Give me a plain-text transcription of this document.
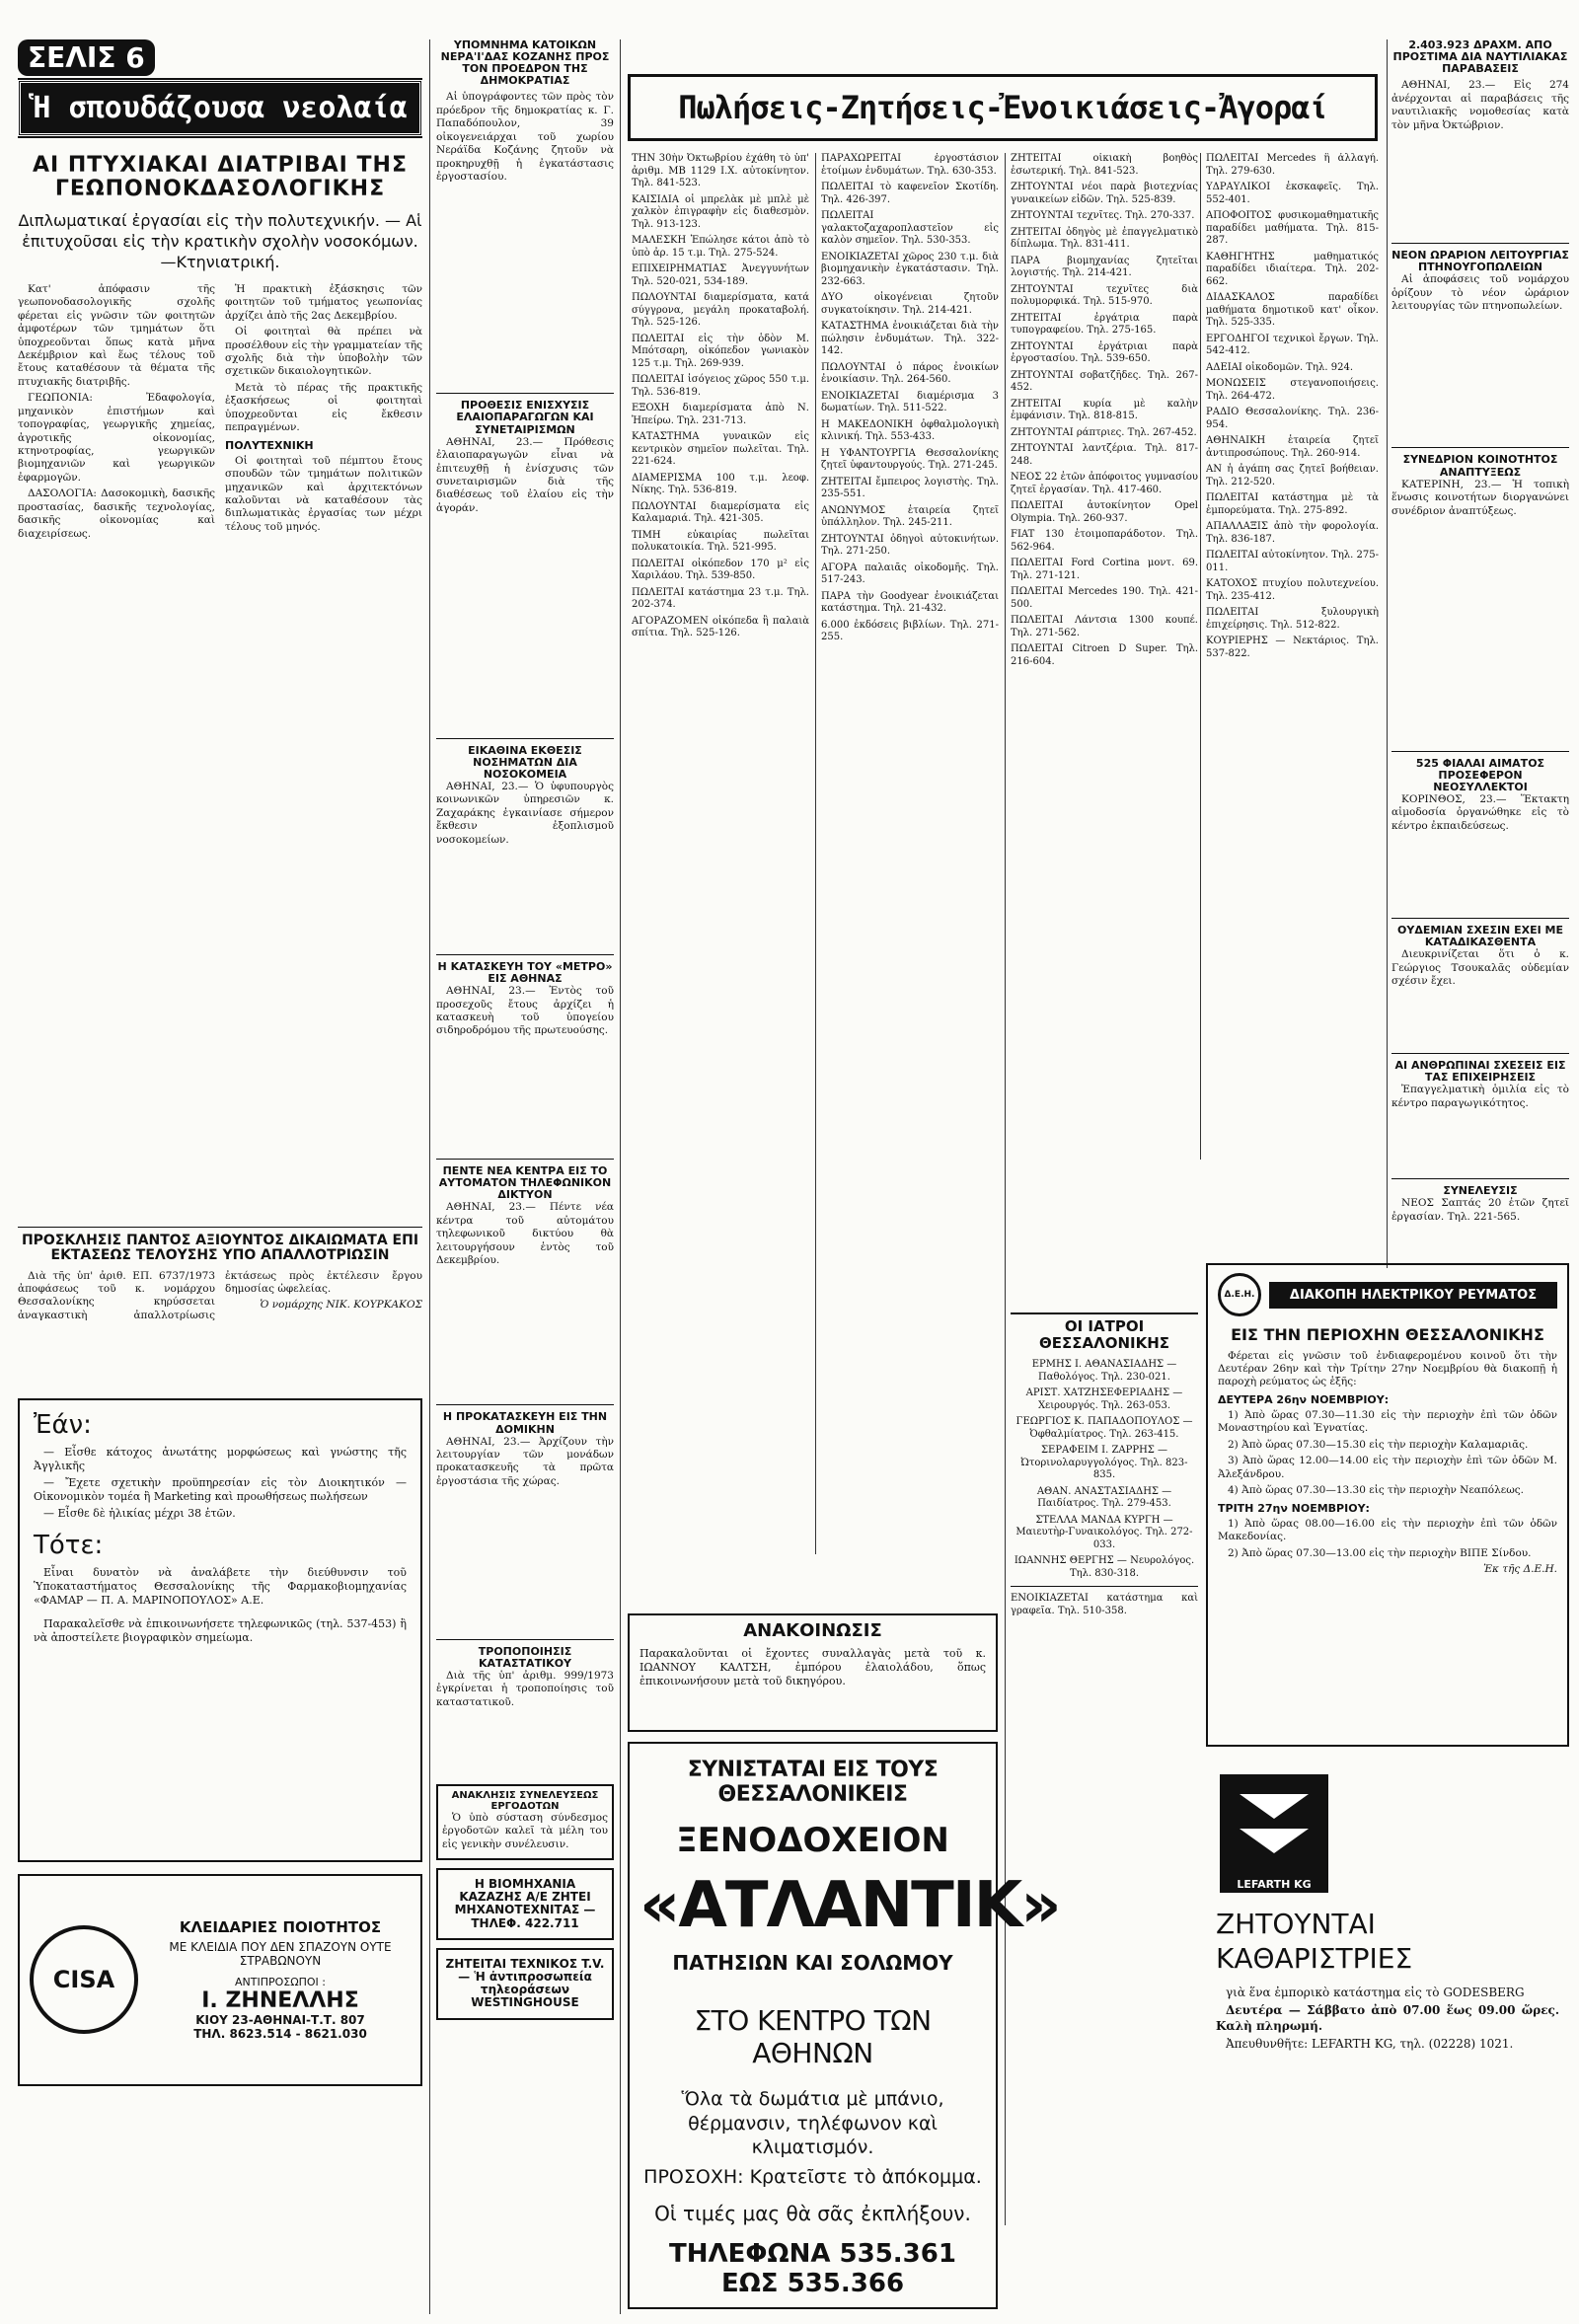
ΣΕΛΙΣ 6
Ἡ σπουδάζουσα νεολαία
ΑΙ ΠΤΥΧΙΑΚΑΙ ΔΙΑΤΡΙΒΑΙ ΤΗΣ ΓΕΩΠΟΝΟΚΔΑΣΟΛΟΓΙΚΗΣ
Διπλωματικαί ἐργασίαι εἰς τὴν πολυτεχνικήν. — Αἱ ἐπιτυχοῦσαι εἰς τὴν κρατικὴν σχολὴν νοσοκόμων. —Κτηνιατρική.

Κατ' ἀπόφασιν τῆς γεωπονοδασολογικῆς σχολῆς φέρεται εἰς γνῶσιν τῶν φοιτητῶν ἀμφοτέρων τῶν τμημάτων ὅτι ὑποχρεοῦνται ὅπως κατὰ μῆνα Δεκέμβριον καὶ ἕως τέλους τοῦ ἔτους καταθέσουν τὰ θέματα τῆς πτυχιακῆς διατριβῆς.

ΓΕΩΠΟΝΙΑ: Ἐδαφολογία, μηχανικὸν ἐπιστήμων καὶ τοπογραφίας, γεωργικῆς χημείας, ἀγροτικῆς οἰκονομίας, κτηνοτροφίας, γεωργικῶν βιομηχανιῶν καὶ γεωργικῶν ἐφαρμογῶν.

ΔΑΣΟΛΟΓΙΑ: Δασοκομικὴ, δασικῆς προστασίας, δασικῆς τεχνολογίας, δασικῆς οἰκονομίας καὶ διαχειρίσεως.

Ἡ πρακτικὴ ἐξάσκησις τῶν φοιτητῶν τοῦ τμήματος γεωπονίας ἀρχίζει ἀπὸ τῆς 2ας Δεκεμβρίου.

Οἱ φοιτηταὶ θὰ πρέπει νὰ προσέλθουν εἰς τὴν γραμματείαν τῆς σχολῆς διὰ τὴν ὑποβολὴν τῶν σχετικῶν δικαιολογητικῶν.

Μετὰ τὸ πέρας τῆς πρακτικῆς ἐξασκήσεως οἱ φοιτηταὶ ὑποχρεοῦνται εἰς ἔκθεσιν πεπραγμένων.

ΠΟΛΥΤΕΧΝΙΚΗ

Οἱ φοιτηταὶ τοῦ πέμπτου ἔτους σπουδῶν τῶν τμημάτων πολιτικῶν μηχανικῶν καὶ ἀρχιτεκτόνων καλοῦνται νὰ καταθέσουν τὰς διπλωματικὰς ἐργασίας των μέχρι τέλους τοῦ μηνός.

ΠΡΟΣΚΛΗΣΙΣ ΠΑΝΤΟΣ ΑΞΙΟΥΝΤΟΣ ΔΙΚΑΙΩΜΑΤΑ ΕΠΙ ΕΚΤΑΣΕΩΣ ΤΕΛΟΥΣΗΣ ΥΠΟ ΑΠΑΛΛΟΤΡΙΩΣΙΝ

Διὰ τῆς ὑπ' ἀριθ. ΕΠ. 6737/1973 ἀποφάσεως τοῦ κ. νομάρχου Θεσσαλονίκης κηρύσσεται ἀναγκαστικὴ ἀπαλλοτρίωσις ἐκτάσεως πρὸς ἐκτέλεσιν ἔργου δημοσίας ὠφελείας.

Ὁ νομάρχης ΝΙΚ. ΚΟΥΡΚΑΚΟΣ

Ἐάν:

— Εἶσθε κάτοχος ἀνωτάτης μορφώσεως καὶ γνώστης τῆς Ἀγγλικῆς

— Ἔχετε σχετικὴν προϋπηρεσίαν εἰς τὸν Διοικητικόν — Οἰκονομικὸν τομέα ἢ Marketing καὶ προωθήσεως πωλήσεων

— Εἶσθε δὲ ἡλικίας μέχρι 38 ἐτῶν.

Τότε:

Εἶναι δυνατὸν νὰ ἀναλάβετε τὴν διεύθυνσιν τοῦ Ὑποκαταστήματος Θεσσαλονίκης τῆς Φαρμακοβιομηχανίας «ΦΑΜΑΡ — Π. Α. ΜΑΡΙΝΟΠΟΥΛΟΣ» Α.Ε.

Παρακαλεῖσθε νὰ ἐπικοινωνήσετε τηλεφωνικῶς (τηλ. 537-453) ἢ νὰ ἀποστείλετε βιογραφικὸν σημείωμα.

CISA
ΚΛΕΙΔΑΡΙΕΣ ΠΟΙΟΤΗΤΟΣ
ΜΕ ΚΛΕΙΔΙΑ ΠΟΥ ΔΕΝ ΣΠΑΖΟΥΝ ΟΥΤΕ ΣΤΡΑΒΩΝΟΥΝ
ΑΝΤΙΠΡΟΣΩΠΟΙ :
Ι. ΖΗΝΕΛΛΗΣ
ΚΙΟΥ 23-ΑΘΗΝΑΙ-Τ.Τ. 807
ΤΗΛ. 8623.514 - 8621.030
ΥΠΟΜΝΗΜΑ ΚΑΤΟΙΚΩΝ ΝΕΡΑ'Ι'ΔΑΣ ΚΟΖΑΝΗΣ ΠΡΟΣ ΤΟΝ ΠΡΟΕΔΡΟΝ ΤΗΣ ΔΗΜΟΚΡΑΤΙΑΣ

Αἱ ὑπογράφοντες τῶν πρὸς τὸν πρόεδρον τῆς δημοκρατίας κ. Γ. Παπαδόπουλον, 39 οἰκογενειάρχαι τοῦ χωρίου Νεράϊδα Κοζάνης ζητοῦν νὰ προκηρυχθῇ ἡ ἐγκατάστασις ἐργοστασίου.

ΠΡΟΘΕΣΙΣ ΕΝΙΣΧΥΣΙΣ ΕΛΑΙΟΠΑΡΑΓΩΓΩΝ ΚΑΙ ΣΥΝΕΤΑΙΡΙΣΜΩΝ

ΑΘΗΝΑΙ, 23.— Πρόθεσις ἐλαιοπαραγωγῶν εἶναι νὰ ἐπιτευχθῇ ἡ ἐνίσχυσις τῶν συνεταιρισμῶν διὰ τῆς διαθέσεως τοῦ ἐλαίου εἰς τὴν ἀγοράν.

ΕΙΚΑΘΙΝΑ ΕΚΘΕΣΙΣ ΝΟΣΗΜΑΤΩΝ ΔΙΑ ΝΟΣΟΚΟΜΕΙΑ

ΑΘΗΝΑΙ, 23.— Ὁ ὑφυπουργὸς κοινωνικῶν ὑπηρεσιῶν κ. Ζαχαράκης ἐγκαινίασε σήμερον ἔκθεσιν ἐξοπλισμοῦ νοσοκομείων.

Η ΚΑΤΑΣΚΕΥΗ ΤΟΥ «ΜΕΤΡΟ» ΕΙΣ ΑΘΗΝΑΣ

ΑΘΗΝΑΙ, 23.— Ἐντὸς τοῦ προσεχοῦς ἔτους ἀρχίζει ἡ κατασκευὴ τοῦ ὑπογείου σιδηροδρόμου τῆς πρωτευούσης.

ΠΕΝΤΕ ΝΕΑ ΚΕΝΤΡΑ ΕΙΣ ΤΟ ΑΥΤΟΜΑΤΟΝ ΤΗΛΕΦΩΝΙΚΟΝ ΔΙΚΤΥΟΝ

ΑΘΗΝΑΙ, 23.— Πέντε νέα κέντρα τοῦ αὐτομάτου τηλεφωνικοῦ δικτύου θὰ λειτουργήσουν ἐντὸς τοῦ Δεκεμβρίου.

Η ΠΡΟΚΑΤΑΣΚΕΥΗ ΕΙΣ ΤΗΝ ΔΟΜΙΚΗΝ

ΑΘΗΝΑΙ, 23.— Ἀρχίζουν τὴν λειτουργίαν τῶν μονάδων προκατασκευῆς τὰ πρῶτα ἐργοστάσια τῆς χώρας.

ΤΡΟΠΟΠΟΙΗΣΙΣ ΚΑΤΑΣΤΑΤΙΚΟΥ

Διὰ τῆς ὑπ' ἀριθμ. 999/1973 ἐγκρίνεται ἡ τροποποίησις τοῦ καταστατικοῦ.

ΑΝΑΚΛΗΣΙΣ ΣΥΝΕΛΕΥΣΕΩΣ ΕΡΓΟΔΟΤΩΝ

Ὁ ὑπὸ σύσταση σύνδεσμος ἐργοδοτῶν καλεῖ τὰ μέλη του εἰς γενικὴν συνέλευσιν.

Η ΒΙΟΜΗΧΑΝΙΑ ΚΑΖΑΖΗΣ Α/Ε ΖΗΤΕΙ ΜΗΧΑΝΟΤΕΧΝΙΤΑΣ — ΤΗΛΕΦ. 422.711
ΖΗΤΕΙΤΑΙ ΤΕΧΝΙΚΟΣ T.V. — Ἡ ἀντιπροσωπεία τηλεοράσεων WESTINGHOUSE
Πωλήσεις-Ζητήσεις-Ἐνοικιάσεις-Ἀγοραί

ΤΗΝ 30ὴν Ὀκτωβρίου ἐχάθη τὸ ὑπ' ἀριθμ. ΜΒ 1129 Ι.Χ. αὐτοκίνητον. Τηλ. 841-523.

ΚΑΙΣΙΔΙΑ οἱ μπρελὰκ μὲ μπλὲ μὲ χαλκὸν ἐπιγραφὴν εἰς διαθεσμὸν. Τηλ. 913-123.

ΜΑΛΕΣΚΗ Ἐπώλησε κάτοι ἀπὸ τὸ ὑπὸ ἀρ. 15 τ.μ. Τηλ. 275-524.

ΕΠΙΧΕΙΡΗΜΑΤΙΑΣ Ἀνεγγυνήτων Τηλ. 520-021, 534-189.

ΠΩΛΟΥΝΤΑΙ διαμερίσματα, κατά σύγγρονα, μεγάλη προκαταβολή. Τηλ. 525-126.

ΠΩΛΕΙΤΑΙ εἰς τὴν ὁδὸν Μ. Μπότσαρη, οἰκόπεδον γωνιακὸν 125 τ.μ. Τηλ. 269-939.

ΠΩΛΕΙΤΑΙ ἰσόγειος χῶρος 550 τ.μ. Τηλ. 536-819.

ΕΞΟΧΗ διαμερίσματα ἀπὸ Ν. Ἠπείρω. Τηλ. 231-713.

ΚΑΤΑΣΤΗΜΑ γυναικῶν εἰς κεντρικὸν σημεῖον πωλεῖται. Τηλ. 221-624.

ΔΙΑΜΕΡΙΣΜΑ 100 τ.μ. λεοφ. Νίκης. Τηλ. 536-819.

ΠΩΛΟΥΝΤΑΙ διαμερίσματα εἰς Καλαμαριά. Τηλ. 421-305.

ΤΙΜΗ εὐκαιρίας πωλεῖται πολυκατοικία. Τηλ. 521-995.

ΠΩΛΕΙΤΑΙ οἰκόπεδον 170 μ² εἰς Χαριλάου. Τηλ. 539-850.

ΠΩΛΕΙΤΑΙ κατάστημα 23 τ.μ. Τηλ. 202-374.

ΑΓΟΡΑΖΟΜΕΝ οἰκόπεδα ἢ παλαιὰ σπίτια. Τηλ. 525-126.

ΠΑΡΑΧΩΡΕΙΤΑΙ ἐργοστάσιον ἑτοίμων ἐνδυμάτων. Τηλ. 630-353.

ΠΩΛΕΙΤΑΙ τὸ καφενεῖον Σκοτίδη. Τηλ. 426-397.

ΠΩΛΕΙΤΑΙ γαλακτοζαχαροπλαστεῖον εἰς καλὸν σημεῖον. Τηλ. 530-353.

ΕΝΟΙΚΙΑΖΕΤΑΙ χῶρος 230 τ.μ. διὰ βιομηχανικὴν ἐγκατάστασιν. Τηλ. 232-663.

ΔΥΟ οἰκογένειαι ζητοῦν συγκατοίκησιν. Τηλ. 214-421.

ΚΑΤΑΣΤΗΜΑ ἐνοικιάζεται διὰ τὴν πώλησιν ἐνδυμάτων. Τηλ. 322-142.

ΠΩΛΟΥΝΤΑΙ ὁ πάρος ἐνοικίων ἐνοικίασιν. Τηλ. 264-560.

ΕΝΟΙΚΙΑΖΕΤΑΙ διαμέρισμα 3 δωματίων. Τηλ. 511-522.

Η ΜΑΚΕΔΟΝΙΚΗ ὀφθαλμολογικὴ κλινική. Τηλ. 553-433.

Η ΥΦΑΝΤΟΥΡΓΙΑ Θεσσαλονίκης ζητεῖ ὑφαντουργούς. Τηλ. 271-245.

ΖΗΤΕΙΤΑΙ ἔμπειρος λογιστὴς. Τηλ. 235-551.

ΑΝΩΝΥΜΟΣ ἑταιρεία ζητεῖ ὑπάλληλον. Τηλ. 245-211.

ΖΗΤΟΥΝΤΑΙ ὀδηγοὶ αὐτοκινήτων. Τηλ. 271-250.

ΑΓΟΡΑ παλαιᾶς οἰκοδομῆς. Τηλ. 517-243.

ΠΑΡΑ τὴν Goodyear ἐνοικιάζεται κατάστημα. Τηλ. 21-432.

6.000 ἐκδόσεις βιβλίων. Τηλ. 271-255.

ΖΗΤΕΙΤΑΙ οἰκιακὴ βοηθὸς ἐσωτερική. Τηλ. 841-523.

ΖΗΤΟΥΝΤΑΙ νέοι παρὰ βιοτεχνίας γυναικείων εἰδῶν. Τηλ. 525-839.

ΖΗΤΟΥΝΤΑΙ τεχνῖτες. Τηλ. 270-337.

ΖΗΤΕΙΤΑΙ ὀδηγὸς μὲ ἐπαγγελματικὸ δίπλωμα. Τηλ. 831-411.

ΠΑΡΑ βιομηχανίας ζητεῖται λογιστής. Τηλ. 214-421.

ΖΗΤΟΥΝΤΑΙ τεχνῖτες διὰ πολυμορφικά. Τηλ. 515-970.

ΖΗΤΕΙΤΑΙ ἐργάτρια παρὰ τυπογραφείου. Τηλ. 275-165.

ΖΗΤΟΥΝΤΑΙ ἐργάτριαι παρὰ ἐργοστασίου. Τηλ. 539-650.

ΖΗΤΟΥΝΤΑΙ σοβατζῆδες. Τηλ. 267-452.

ΖΗΤΕΙΤΑΙ κυρία μὲ καλὴν ἐμφάνισιν. Τηλ. 818-815.

ΖΗΤΟΥΝΤΑΙ ράπτριες. Τηλ. 267-452.

ΖΗΤΟΥΝΤΑΙ λαντζέρια. Τηλ. 817-248.

ΝΕΟΣ 22 ἐτῶν ἀπόφοιτος γυμνασίου ζητεῖ ἐργασίαν. Τηλ. 417-460.

ΠΩΛΕΙΤΑΙ ἀυτοκίνητον Opel Olympia. Τηλ. 260-937.

FIAT 130 ἑτοιμοπαράδοτον. Τηλ. 562-964.

ΠΩΛΕΙΤΑΙ Ford Cortina μοντ. 69. Τηλ. 271-121.

ΠΩΛΕΙΤΑΙ Mercedes 190. Τηλ. 421-500.

ΠΩΛΕΙΤΑΙ Λάντσια 1300 κουπέ. Τηλ. 271-562.

ΠΩΛΕΙΤΑΙ Citroen D Super. Τηλ. 216-604.

ΟΙ ΙΑΤΡΟΙ ΘΕΣΣΑΛΟΝΙΚΗΣ

ΕΡΜΗΣ Ι. ΑΘΑΝΑΣΙΑΔΗΣ — Παθολόγος. Τηλ. 230-021.

ΑΡΙΣΤ. ΧΑΤΖΗΣΕΦΕΡΙΑΔΗΣ — Χειρουργός. Τηλ. 263-053.

ΓΕΩΡΓΙΟΣ Κ. ΠΑΠΑΔΟΠΟΥΛΟΣ — Ὀφθαλμίατρος. Τηλ. 263-415.

ΣΕΡΑΦΕΙΜ Ι. ΖΑΡΡΗΣ — Ὠτορινολαρυγγολόγος. Τηλ. 823-835.

ΑΘΑΝ. ΑΝΑΣΤΑΣΙΑΔΗΣ — Παιδίατρος. Τηλ. 279-453.

ΣΤΕΛΛΑ ΜΑΝΔΑ ΚΥΡΓΗ — Μαιευτὴρ-Γυναικολόγος. Τηλ. 272-033.

ΙΩΑΝΝΗΣ ΘΕΡΓΗΣ — Νευρολόγος. Τηλ. 830-318.

ΕΝΟΙΚΙΑΖΕΤΑΙ κατάστημα καὶ γραφεῖα. Τηλ. 510-358.

ΠΩΛΕΙΤΑΙ Mercedes ἢ ἀλλαγή. Τηλ. 279-630.

ΥΔΡΑΥΛΙΚΟΙ ἐκσκαφεῖς. Τηλ. 552-401.

ΑΠΟΦΟΙΤΟΣ φυσικομαθηματικῆς παραδίδει μαθήματα. Τηλ. 815-287.

ΚΑΘΗΓΗΤΗΣ μαθηματικός παραδίδει ιδιαίτερα. Τηλ. 202-662.

ΔΙΔΑΣΚΑΛΟΣ παραδίδει μαθήματα δημοτικοῦ κατ' οἶκον. Τηλ. 525-335.

ΕΡΓΟΔΗΓΟΙ τεχνικοὶ ἔργων. Τηλ. 542-412.

ΑΔΕΙΑΙ οἰκοδομῶν. Τηλ. 924.

ΜΟΝΩΣΕΙΣ στεγανοποιήσεις. Τηλ. 264-472.

ΡΑΔΙΟ Θεσσαλονίκης. Τηλ. 236-954.

ΑΘΗΝΑΙΚΗ ἑταιρεία ζητεῖ ἀντιπροσώπους. Τηλ. 260-914.

ΑΝ ἡ ἀγάπη σας ζητεῖ βοήθειαν. Τηλ. 212-520.

ΠΩΛΕΙΤΑΙ κατάστημα μὲ τὰ ἐμπορεύματα. Τηλ. 275-892.

ΑΠΑΛΛΑΞΙΣ ἀπὸ τὴν φορολογία. Τηλ. 836-187.

ΠΩΛΕΙΤΑΙ αὐτοκίνητον. Τηλ. 275-011.

ΚΑΤΟΧΟΣ πτυχίου πολυτεχνείου. Τηλ. 235-412.

ΠΩΛΕΙΤΑΙ ξυλουργικὴ ἐπιχείρησις. Τηλ. 512-822.

ΚΟΥΡΙΕΡΗΣ — Νεκτάριος. Τηλ. 537-822.

ΑΝΑΚΟΙΝΩΣΙΣ
Παρακαλοῦνται οἱ ἔχοντες συναλλαγὰς μετὰ τοῦ κ. ΙΩΑΝΝΟΥ ΚΑΛΤΣΗ, ἐμπόρου ἐλαιολάδου, ὅπως ἐπικοινωνήσουν μετὰ τοῦ δικηγόρου.
ΣΥΝΙΣΤΑΤΑΙ ΕΙΣ ΤΟΥΣ ΘΕΣΣΑΛΟΝΙΚΕΙΣ
ΞΕΝΟΔΟΧΕΙΟΝ
«ΑΤΛΑΝΤΙΚ»
ΠΑΤΗΣΙΩΝ ΚΑΙ ΣΟΛΩΜΟΥ
ΣΤΟ ΚΕΝΤΡΟ ΤΩΝ ΑΘΗΝΩΝ
Ὅλα τὰ δωμάτια μὲ μπάνιο, θέρμανσιν, τηλέφωνον καὶ κλιματισμόν.
ΠΡΟΣΟΧΗ: Κρατεῖστε τὸ ἀπόκομμα.
Οἱ τιμές μας θὰ σᾶς ἐκπλήξουν.
ΤΗΛΕΦΩΝΑ 535.361 ΕΩΣ 535.366
2.403.923 ΔΡΑΧΜ. ΑΠΟ ΠΡΟΣΤΙΜΑ ΔΙΑ ΝΑΥΤΙΛΙΑΚΑΣ ΠΑΡΑΒΑΣΕΙΣ

ΑΘΗΝΑΙ, 23.— Εἰς 274 ἀνέρχονται αἱ παραβάσεις τῆς ναυτιλιακῆς νομοθεσίας κατὰ τὸν μῆνα Ὀκτώβριον.

ΝΕΟΝ ΩΡΑΡΙΟΝ ΛΕΙΤΟΥΡΓΙΑΣ ΠΤΗΝΟΥΓΟΠΩΛΕΙΩΝ

Αἱ ἀποφάσεις τοῦ νομάρχου ὁρίζουν τὸ νέον ὡράριον λειτουργίας τῶν πτηνοπωλείων.

ΣΥΝΕΔΡΙΟΝ ΚΟΙΝΟΤΗΤΟΣ ΑΝΑΠΤΥΞΕΩΣ

ΚΑΤΕΡΙΝΗ, 23.— Ἡ τοπικὴ ἕνωσις κοινοτήτων διοργανώνει συνέδριον ἀναπτύξεως.

525 ΦΙΑΛΑΙ ΑΙΜΑΤΟΣ ΠΡΟΣΕΦΕΡΟΝ ΝΕΟΣΥΛΛΕΚΤΟΙ

ΚΟΡΙΝΘΟΣ, 23.— Ἕκτακτη αἱμοδοσία ὀργανώθηκε εἰς τὸ κέντρο ἐκπαιδεύσεως.

ΟΥΔΕΜΙΑΝ ΣΧΕΣΙΝ ΕΧΕΙ ΜΕ ΚΑΤΑΔΙΚΑΣΘΕΝΤΑ

Διευκρινίζεται ὅτι ὁ κ. Γεώργιος Τσουκαλᾶς οὐδεμίαν σχέσιν ἔχει.

ΑΙ ΑΝΘΡΩΠΙΝΑΙ ΣΧΕΣΕΙΣ ΕΙΣ ΤΑΣ ΕΠΙΧΕΙΡΗΣΕΙΣ

Ἐπαγγελματικὴ ὁμιλία εἰς τὸ κέντρο παραγωγικότητος.

ΣΥΝΕΛΕΥΣΙΣ

ΝΕΟΣ Σαπτάς 20 ἐτῶν ζητεῖ ἐργασίαν. Τηλ. 221-565.

Δ.Ε.Η.	ΔΙΑΚΟΠΗ ΗΛΕΚΤΡΙΚΟΥ ΡΕΥΜΑΤΟΣ
ΕΙΣ ΤΗΝ ΠΕΡΙΟΧΗΝ ΘΕΣΣΑΛΟΝΙΚΗΣ

Φέρεται εἰς γνῶσιν τοῦ ἐνδιαφερομένου κοινοῦ ὅτι τὴν Δευτέραν 26ην καὶ τὴν Τρίτην 27ην Νοεμβρίου θὰ διακοπῇ ἡ παροχὴ ρεύματος ὡς ἑξῆς:

ΔΕΥΤΕΡΑ 26ην ΝΟΕΜΒΡΙΟΥ:

1) Ἀπὸ ὥρας 07.30—11.30 εἰς τὴν περιοχὴν ἐπὶ τῶν ὁδῶν Μοναστηρίου καὶ Ἐγνατίας.

2) Ἀπὸ ὥρας 07.30—15.30 εἰς τὴν περιοχὴν Καλαμαριᾶς.

3) Ἀπὸ ὥρας 12.00—14.00 εἰς τὴν περιοχὴν ἐπὶ τῶν ὁδῶν Μ. Ἀλεξάνδρου.

4) Ἀπὸ ὥρας 07.30—13.30 εἰς τὴν περιοχὴν Νεαπόλεως.

ΤΡΙΤΗ 27ην ΝΟΕΜΒΡΙΟΥ:

1) Ἀπὸ ὥρας 08.00—16.00 εἰς τὴν περιοχὴν ἐπὶ τῶν ὁδῶν Μακεδονίας.

2) Ἀπὸ ὥρας 07.30—13.00 εἰς τὴν περιοχὴν ΒΙΠΕ Σίνδου.

Ἐκ τῆς Δ.Ε.Η.

LEFARTH KG
ΖΗΤΟΥΝΤΑΙ ΚΑΘΑΡΙΣΤΡΙΕΣ

γιὰ ἕνα ἐμπορικὸ κατάστημα εἰς τὸ GODESBERG

Δευτέρα — Σάββατο ἀπὸ 07.00 ἕως 09.00 ὥρες. Καλὴ πληρωμή.

Ἀπευθυνθῆτε: LEFARTH KG, τηλ. (02228) 1021.
